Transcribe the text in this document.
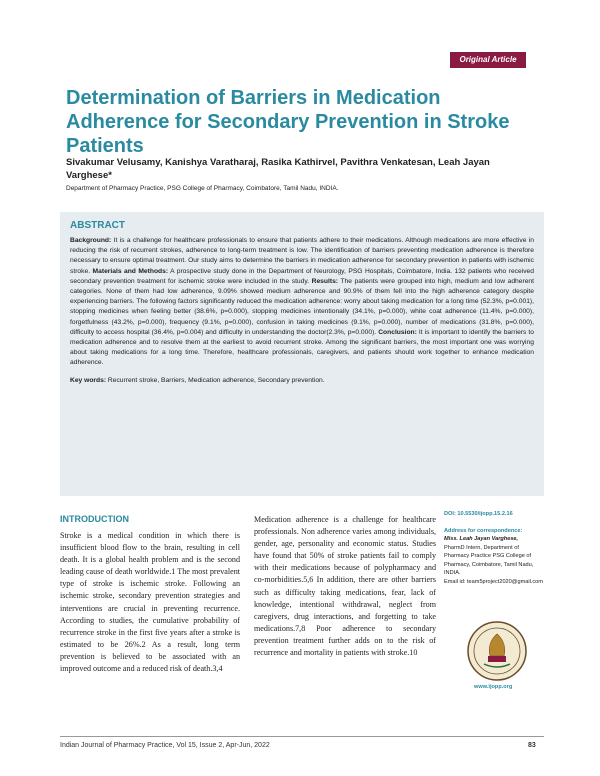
Original Article
Determination of Barriers in Medication Adherence for Secondary Prevention in Stroke Patients
Sivakumar Velusamy, Kanishya Varatharaj, Rasika Kathirvel, Pavithra Venkatesan, Leah Jayan Varghese*
Department of Pharmacy Practice, PSG College of Pharmacy, Coimbatore, Tamil Nadu, INDIA.
ABSTRACT

Background: It is a challenge for healthcare professionals to ensure that patients adhere to their medications. Although medications are more effective in reducing the risk of recurrent strokes, adherence to long-term treatment is low. The identification of barriers preventing medication adherence is therefore necessary to ensure optimal treatment. Our study aims to determine the barriers in medication adherence for secondary prevention in patients with ischemic stroke. Materials and Methods: A prospective study done in the Department of Neurology, PSG Hospitals, Coimbatore, India. 132 patients who received secondary prevention treatment for ischemic stroke were included in the study. Results: The patients were grouped into high, medium and low adherent categories. None of them had low adherence, 9.09% showed medium adherence and 90.9% of them fell into the high adherence category despite experiencing barriers. The following factors significantly reduced the medication adherence: worry about taking medication for a long time (52.3%, p=0.001), stopping medicines when feeling better (38.6%, p=0.000), stopping medicines intentionally (34.1%, p=0.000), white coat adherence (11.4%, p=0.000), forgetfulness (43.2%, p=0.000), frequency (9.1%, p=0.000), confusion in taking medicines (9.1%, p=0.000), number of medications (31.8%, p=0.000), difficulty to access hospital (36.4%, p=0.004) and difficulty in understanding the doctor(2.3%, p=0.000). Conclusion: It is important to identify the barriers to medication adherence and to resolve them at the earliest to avoid recurrent stroke. Among the significant barriers, the most important one was worrying about taking medications for a long time. Therefore, healthcare professionals, caregivers, and patients should work together to enhance medication adherence.

Key words: Recurrent stroke, Barriers, Medication adherence, Secondary prevention.

INTRODUCTION

Stroke is a medical condition in which there is insufficient blood flow to the brain, resulting in cell death. It is a global health problem and is the second leading cause of death worldwide.1 The most prevalent type of stroke is ischemic stroke. Following an ischemic stroke, secondary prevention strategies and interventions are crucial in preventing recurrence. According to studies, the cumulative probability of recurrence stroke in the first five years after a stroke is estimated to be 26%.2 As a result, long term prevention is believed to be associated with an improved outcome and a reduced risk of death.3,4

Medication adherence is a challenge for healthcare professionals. Non adherence varies among individuals, gender, age, personality and economic status. Studies have found that 50% of stroke patients fail to comply with their medications because of polypharmacy and co-morbidities.5,6 In addition, there are other barriers such as difficulty taking medications, fear, lack of knowledge, intentional withdrawal, neglect from caregivers, drug interactions, and forgetting to take medications.7,8 Poor adherence to secondary prevention treatment further adds on to the risk of recurrence and mortality in patients with stroke.10

DOI: 10.5530/ijopp.15.2.16
Address for correspondence:
Miss. Leah Jayan Varghese,
PharmD Intern, Department of Pharmacy Practice PSG College of Pharmacy, Coimbatore, Tamil Nadu, INDIA.
Email id: team5project2020@gmail.com
www.ijopp.org
Indian Journal of Pharmacy Practice, Vol 15, Issue 2, Apr-Jun, 2022	83
